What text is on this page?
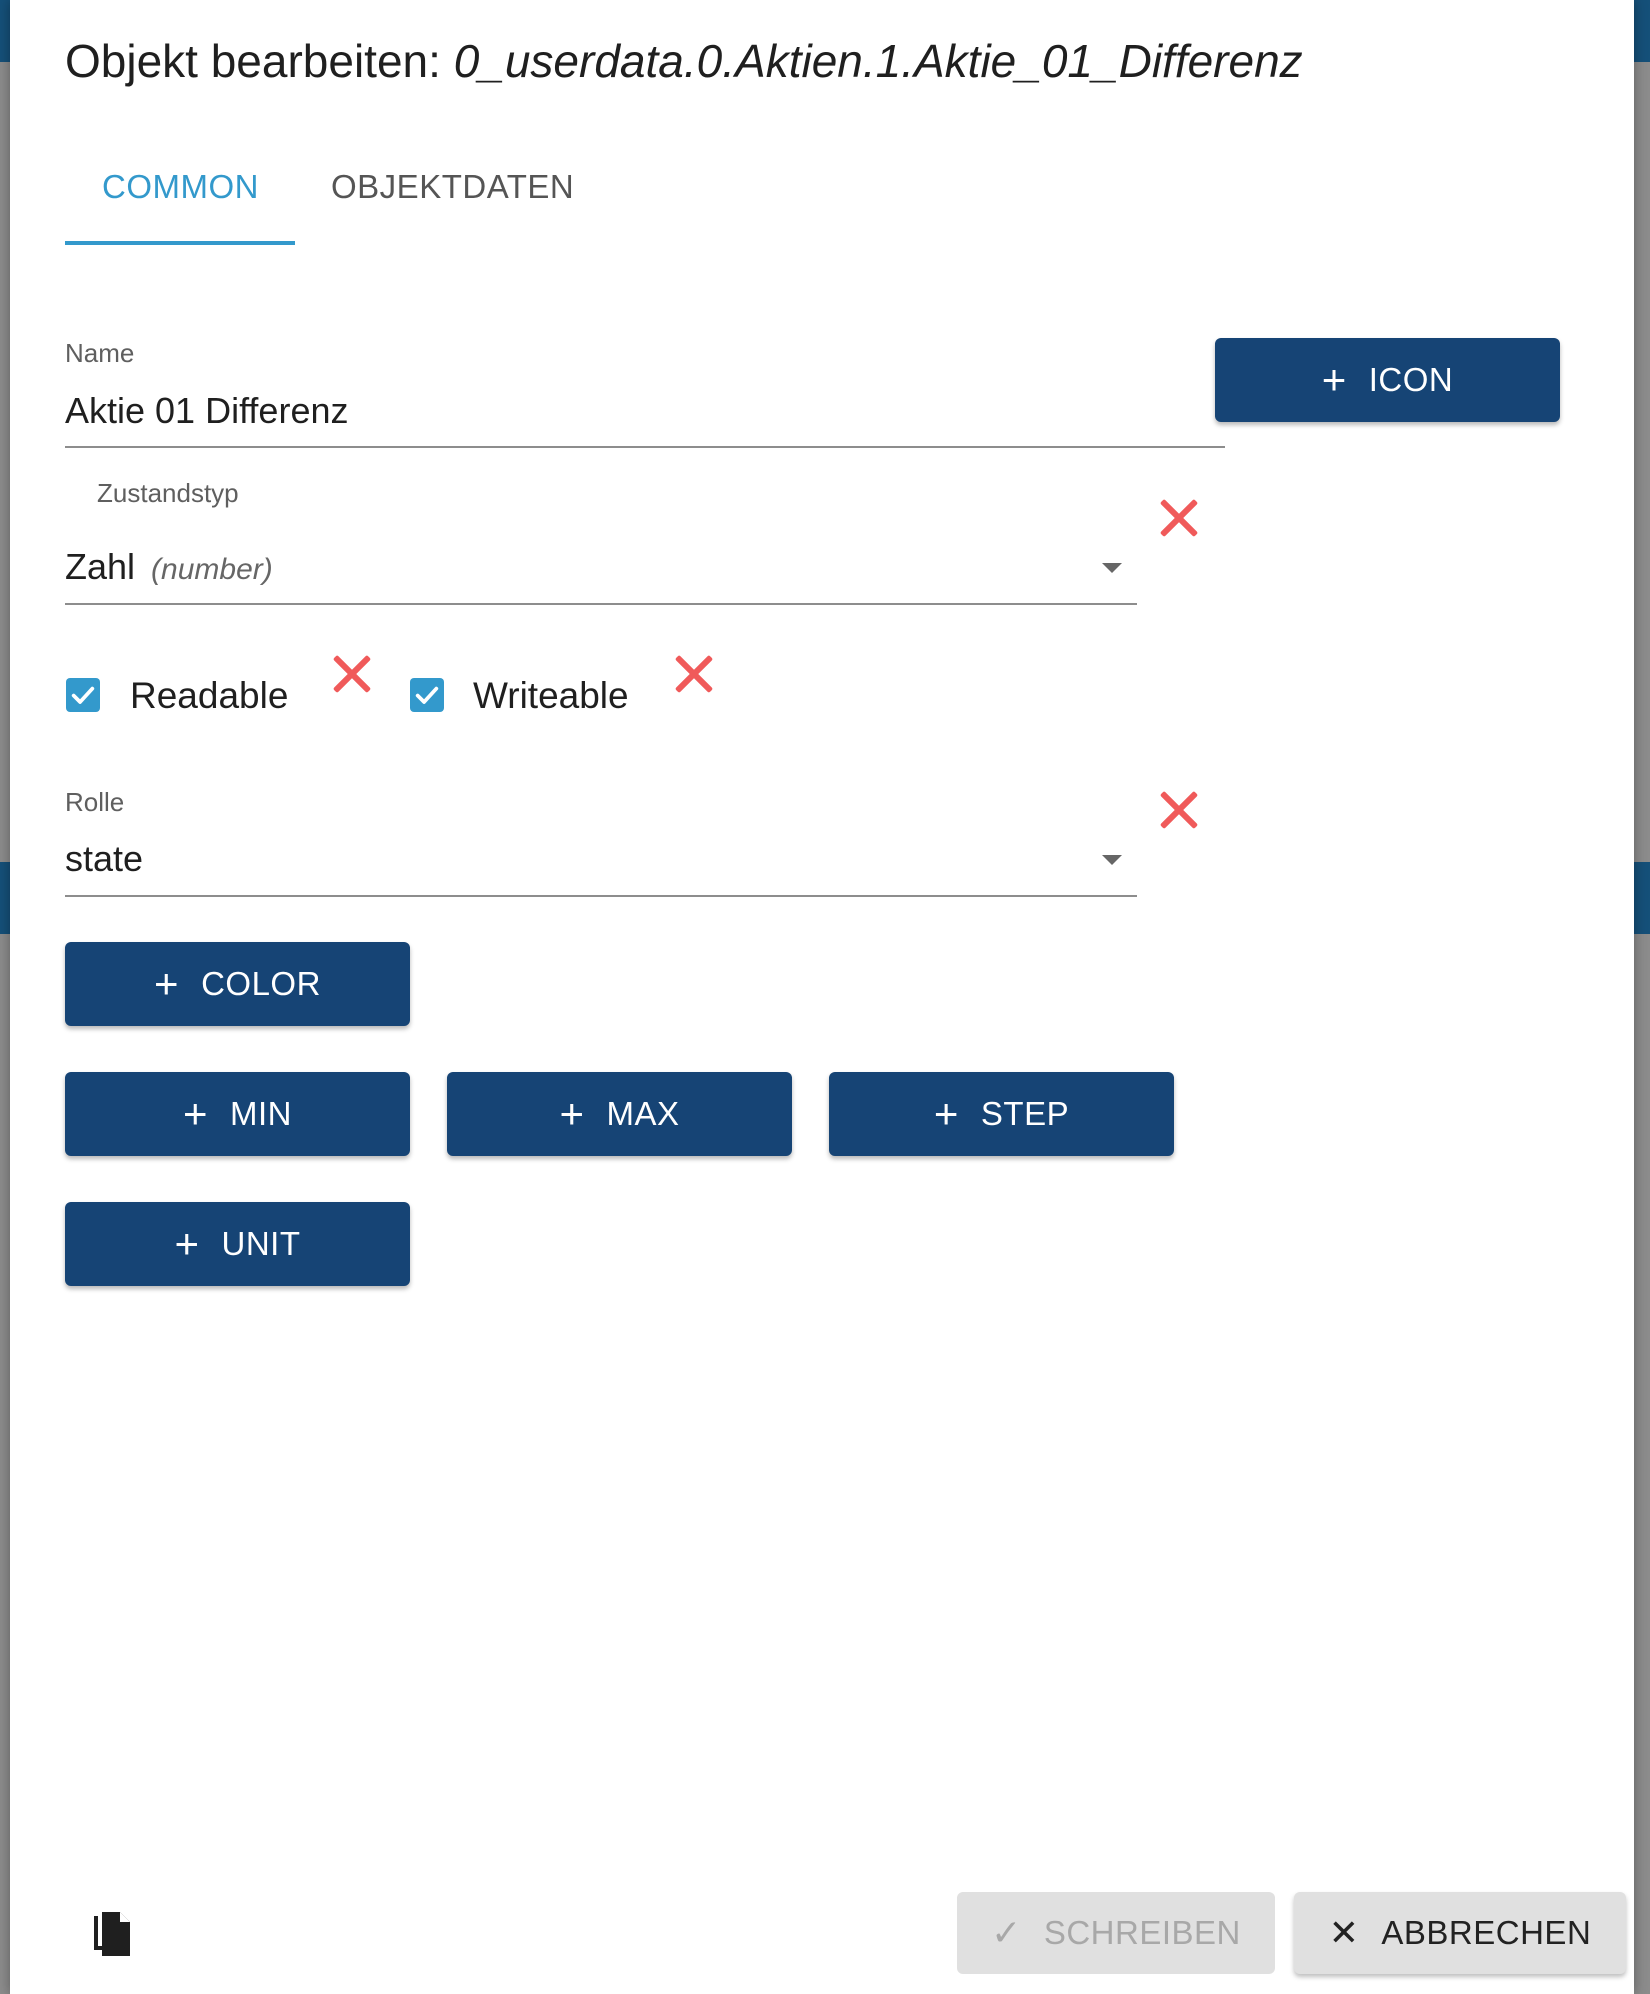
Objekt bearbeiten: 0_userdata.0.Aktien.1.Aktie_01_Differenz
COMMON OBJEKTDATEN
Name
Aktie 01 Differenz
+ ICON
Zustandstyp
Zahl (number)
Readable	Writeable
Rolle
state
+ COLOR
+ MIN	+ MAX	+ STEP
+ UNIT
✓ SCHREIBEN ✕ ABBRECHEN
